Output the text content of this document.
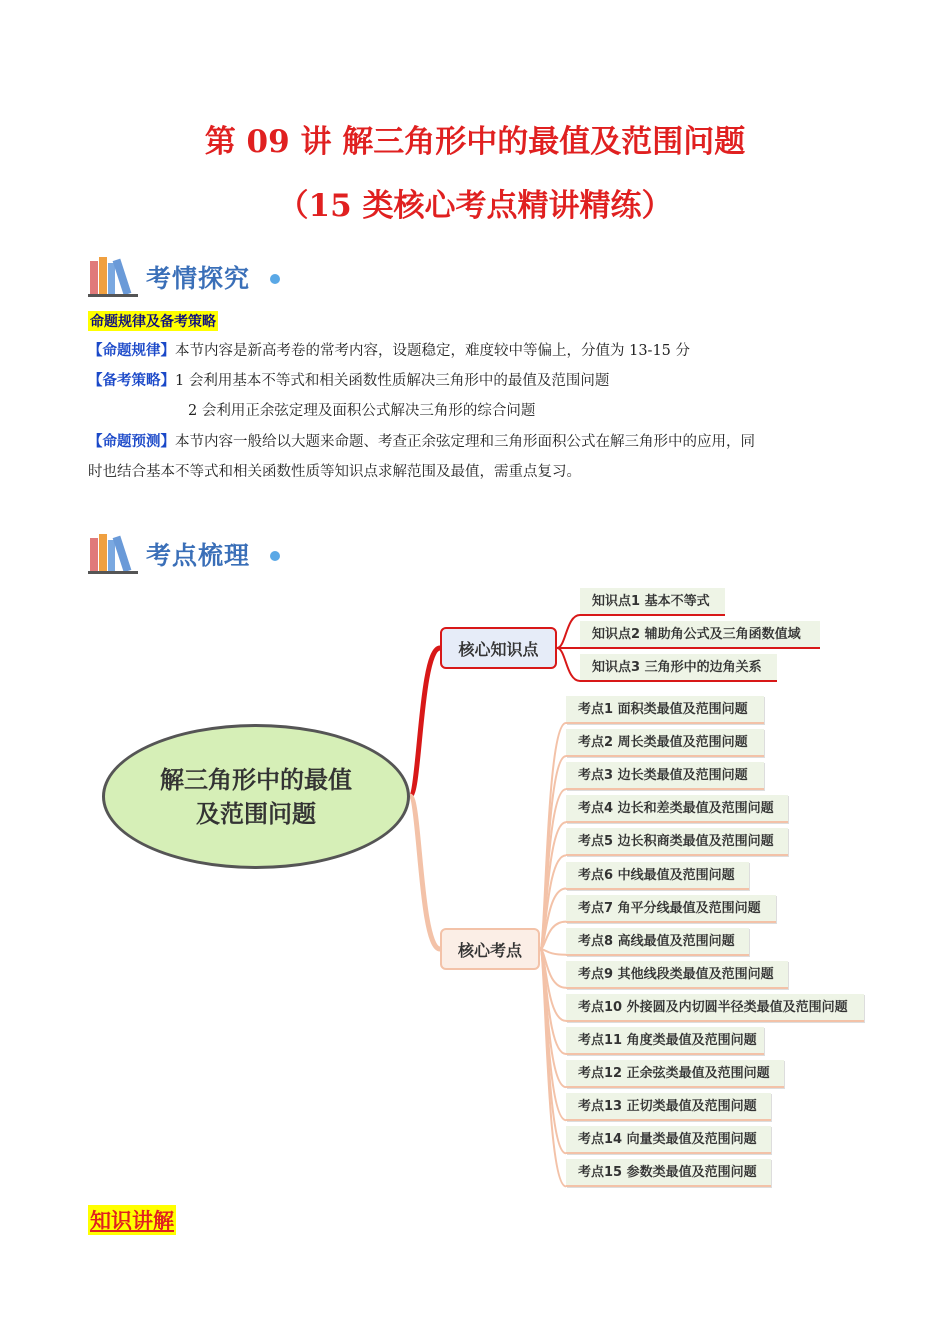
第 09 讲 解三角形中的最值及范围问题
（15 类核心考点精讲精练）
考情探究
命题规律及备考策略
【命题规律】本节内容是新高考卷的常考内容，设题稳定，难度较中等偏上，分值为 13-15 分
【备考策略】1 会利用基本不等式和相关函数性质解决三角形中的最值及范围问题
2 会利用正余弦定理及面积公式解决三角形的综合问题
【命题预测】本节内容一般给以大题来命题、考查正余弦定理和三角形面积公式在解三角形中的应用，同
时也结合基本不等式和相关函数性质等知识点求解范围及最值，需重点复习。
考点梳理
解三角形中的最值
及范围问题
核心知识点
核心考点
知识点1 基本不等式
知识点2 辅助角公式及三角函数值域
知识点3 三角形中的边角关系
考点1 面积类最值及范围问题
考点2 周长类最值及范围问题
考点3 边长类最值及范围问题
考点4 边长和差类最值及范围问题
考点5 边长积商类最值及范围问题
考点6 中线最值及范围问题
考点7 角平分线最值及范围问题
考点8 高线最值及范围问题
考点9 其他线段类最值及范围问题
考点10 外接圆及内切圆半径类最值及范围问题
考点11 角度类最值及范围问题
考点12 正余弦类最值及范围问题
考点13 正切类最值及范围问题
考点14 向量类最值及范围问题
考点15 参数类最值及范围问题
知识讲解
